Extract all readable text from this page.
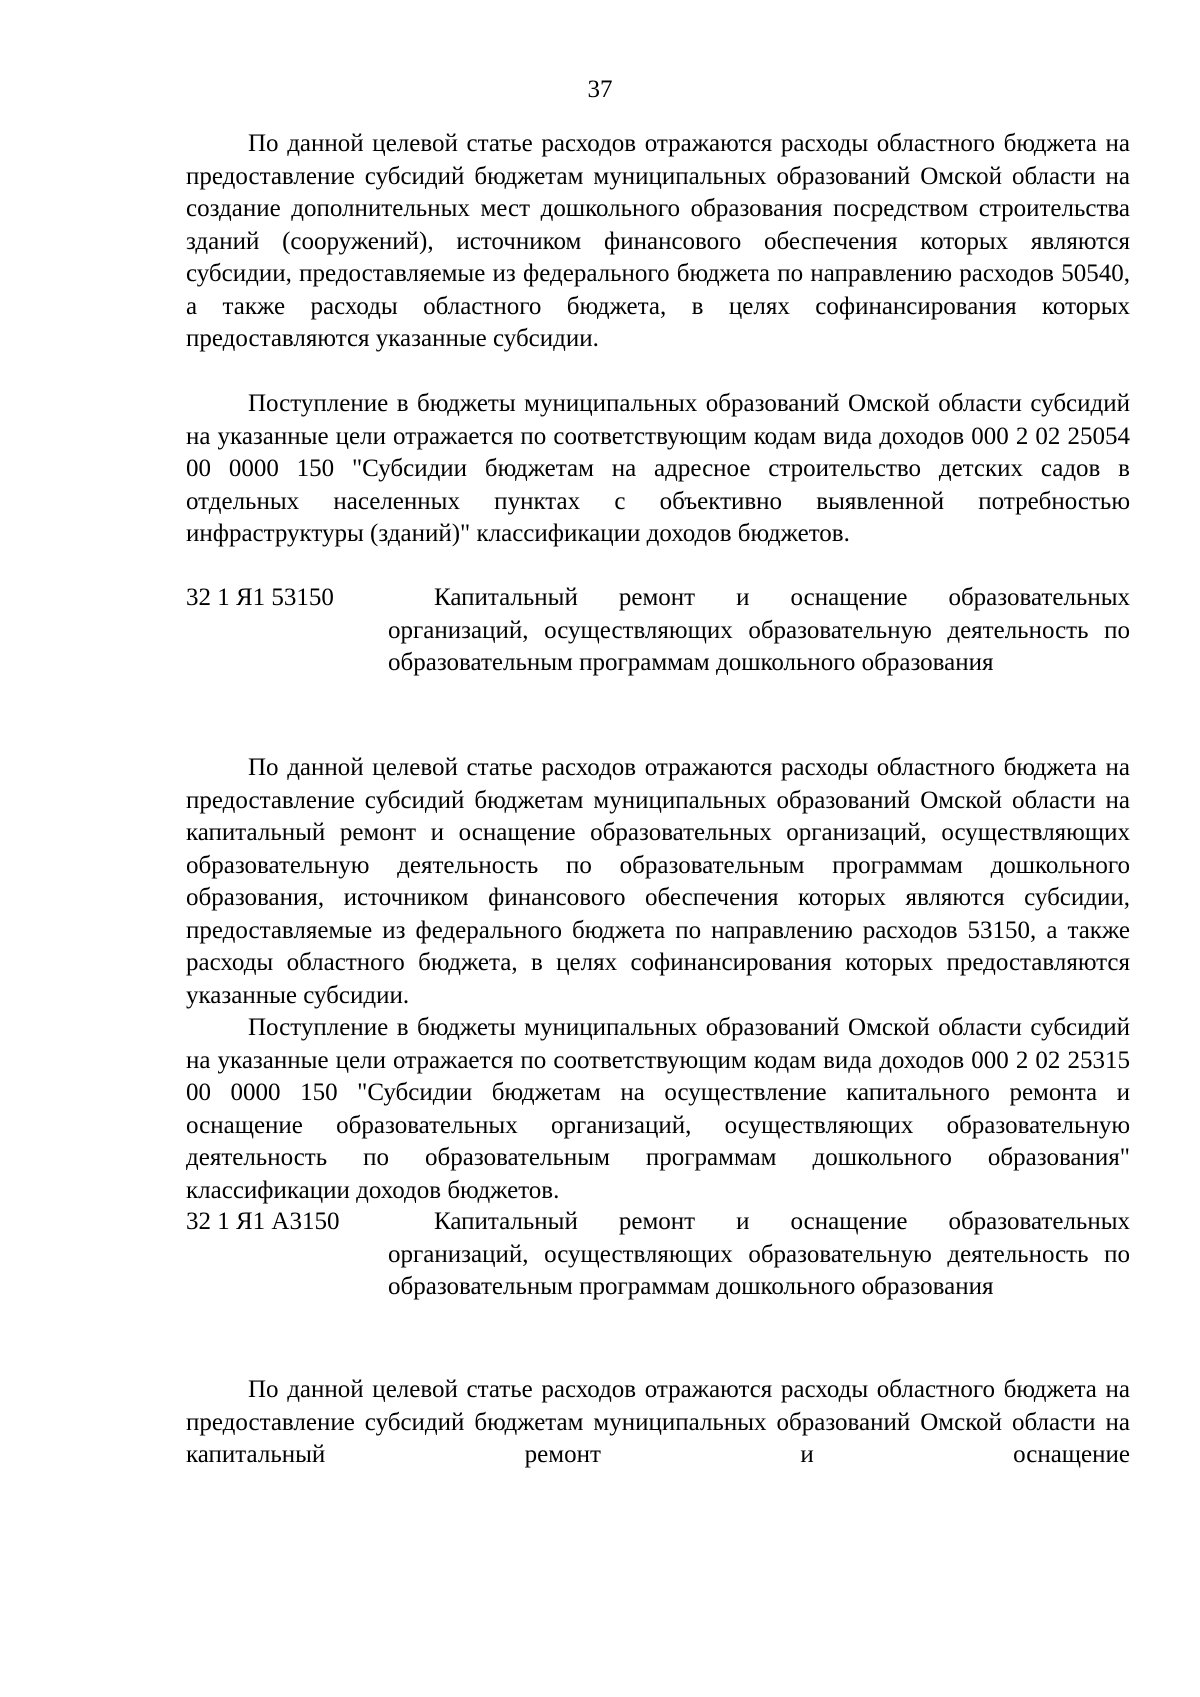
37

По данной целевой статье расходов отражаются расходы областного бюджета на предоставление субсидий бюджетам муниципальных образований Омской области на создание дополнительных мест дошкольного образования посредством строительства зданий (сооружений), источником финансового обеспечения которых являются субсидии, предоставляемые из федерального бюджета по направлению расходов 50540, а также расходы областного бюджета, в целях софинансирования которых предоставляются указанные субсидии.

Поступление в бюджеты муниципальных образований Омской области субсидий на указанные цели отражается по соответствующим кодам вида доходов 000 2 02 25054 00 0000 150 "Субсидии бюджетам на адресное строительство детских садов в отдельных населенных пунктах с объективно выявленной потребностью инфраструктуры (зданий)" классификации доходов бюджетов.

32 1 Я1 53150	Капитальный ремонт и оснащение образовательных организаций, осуществляющих образовательную деятельность по образовательным программам дошкольного образования

По данной целевой статье расходов отражаются расходы областного бюджета на предоставление субсидий бюджетам муниципальных образований Омской области на капитальный ремонт и оснащение образовательных организаций, осуществляющих образовательную деятельность по образовательным программам дошкольного образования, источником финансового обеспечения которых являются субсидии, предоставляемые из федерального бюджета по направлению расходов 53150, а также расходы областного бюджета, в целях софинансирования которых предоставляются указанные субсидии.

Поступление в бюджеты муниципальных образований Омской области субсидий на указанные цели отражается по соответствующим кодам вида доходов 000 2 02 25315 00 0000 150 "Субсидии бюджетам на осуществление капитального ремонта и оснащение образовательных организаций, осуществляющих образовательную деятельность по образовательным программам дошкольного образования" классификации доходов бюджетов.

32 1 Я1 А3150	Капитальный ремонт и оснащение образовательных организаций, осуществляющих образовательную деятельность по образовательным программам дошкольного образования

По данной целевой статье расходов отражаются расходы областного бюджета на предоставление субсидий бюджетам муниципальных образований Омской области на капитальный ремонт и оснащение
